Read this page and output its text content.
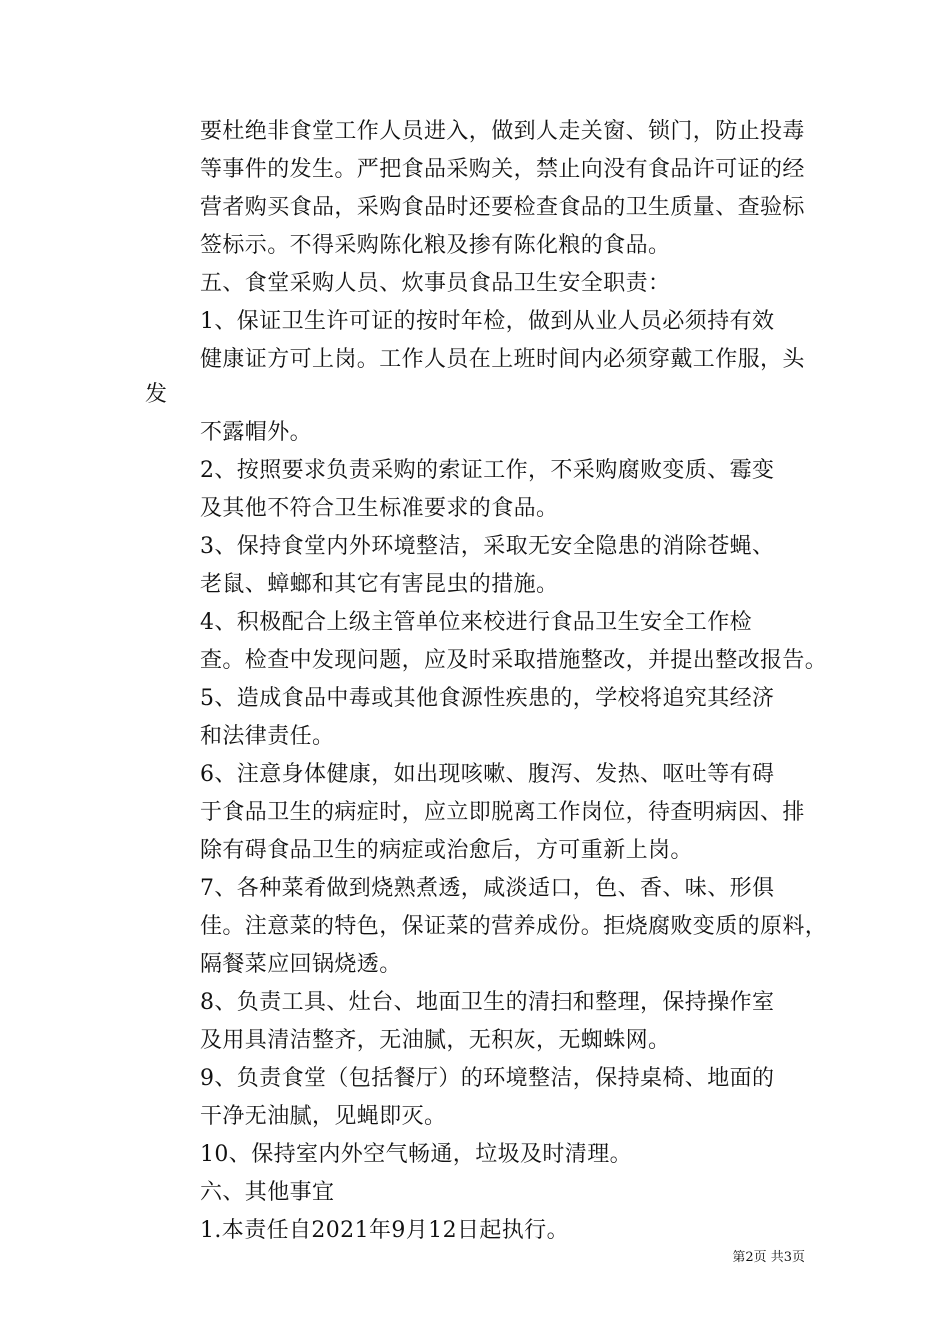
要杜绝非食堂工作人员进入，做到人走关窗、锁门，防止投毒
等事件的发生。严把食品采购关，禁止向没有食品许可证的经
营者购买食品，采购食品时还要检查食品的卫生质量、查验标
签标示。不得采购陈化粮及掺有陈化粮的食品。
五、食堂采购人员、炊事员食品卫生安全职责：
1、保证卫生许可证的按时年检，做到从业人员必须持有效
健康证方可上岗。工作人员在上班时间内必须穿戴工作服，头
发
不露帽外。
2、按照要求负责采购的索证工作，不采购腐败变质、霉变
及其他不符合卫生标准要求的食品。
3、保持食堂内外环境整洁，采取无安全隐患的消除苍蝇、
老鼠、蟑螂和其它有害昆虫的措施。
4、积极配合上级主管单位来校进行食品卫生安全工作检
查。检查中发现问题，应及时采取措施整改，并提出整改报告。
5、造成食品中毒或其他食源性疾患的，学校将追究其经济
和法律责任。
6、注意身体健康，如出现咳嗽、腹泻、发热、呕吐等有碍
于食品卫生的病症时，应立即脱离工作岗位，待查明病因、排
除有碍食品卫生的病症或治愈后，方可重新上岗。
7、各种菜肴做到烧熟煮透，咸淡适口，色、香、味、形俱
佳。注意菜的特色，保证菜的营养成份。拒烧腐败变质的原料，
隔餐菜应回锅烧透。
8、负责工具、灶台、地面卫生的清扫和整理，保持操作室
及用具清洁整齐，无油腻，无积灰，无蜘蛛网。
9、负责食堂（包括餐厅）的环境整洁，保持桌椅、地面的
干净无油腻，见蝇即灭。
10、保持室内外空气畅通，垃圾及时清理。
六、其他事宜
1.本责任自2021年9月12日起执行。
第2页 共3页
